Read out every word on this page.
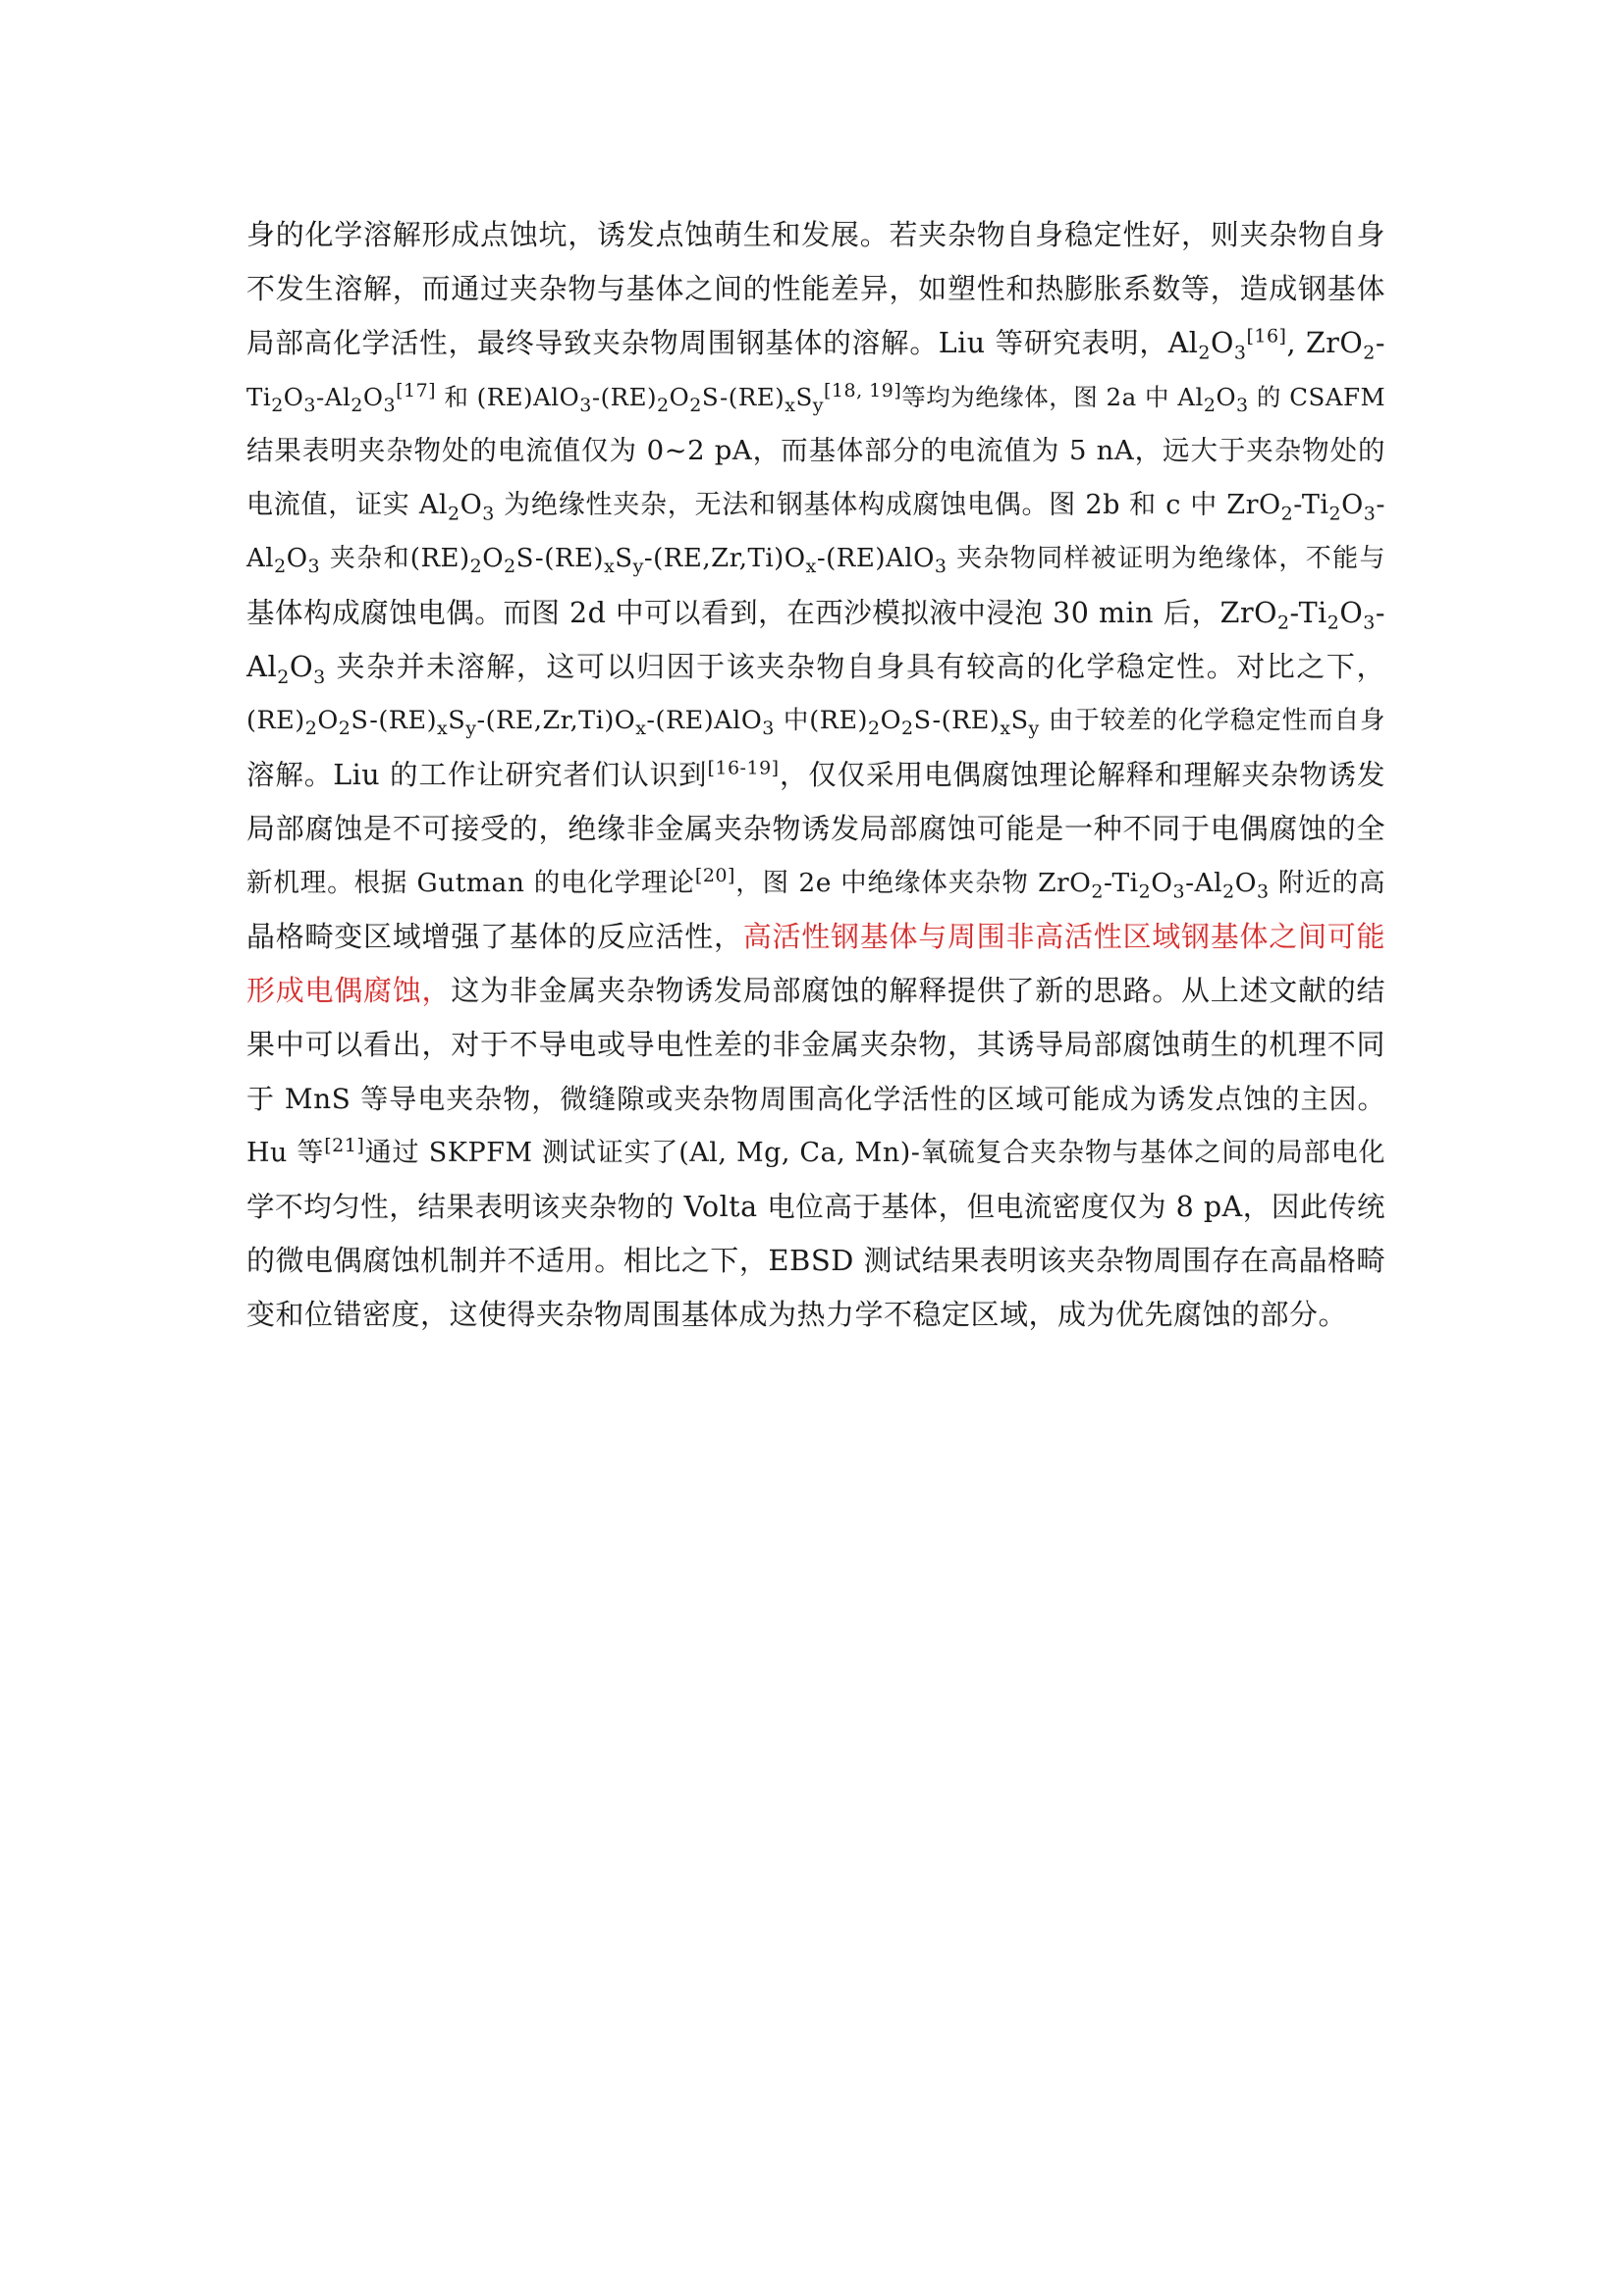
身的化学溶解形成点蚀坑，诱发点蚀萌生和发展。若夹杂物自身稳定性好，则夹杂物自身
不发生溶解，而通过夹杂物与基体之间的性能差异，如塑性和热膨胀系数等，造成钢基体
局部高化学活性，最终导致夹杂物周围钢基体的溶解。Liu 等研究表明，$Al_2O_3[16]$, ZrO$_2$-
$Ti_2O_3-Al_2O_3[17]$ 和 $(RE)AlO_3-(RE)_2O_2S-(RE)_xS_y[18, 19]$等均为绝缘体，图 2a 中 $Al_2O_3$ 的 CSAFM
结果表明夹杂物处的电流值仅为 0~2 pA，而基体部分的电流值为 5 nA，远大于夹杂物处的
电流值，证实 $Al_2O_3$ 为绝缘性夹杂，无法和钢基体构成腐蚀电偶。图 2b 和 c 中 $ZrO_2-Ti_2O_3-$
$Al_2O_3$ 夹杂和$(RE)_2O_2S-(RE)_xS_y-(RE,Zr,Ti)O_x-(RE)AlO_3$ 夹杂物同样被证明为绝缘体，不能与
基体构成腐蚀电偶。而图 2d 中可以看到，在西沙模拟液中浸泡 30 min 后，$ZrO_2-Ti_2O_3-$
$Al_2O_3$ 夹杂并未溶解，这可以归因于该夹杂物自身具有较高的化学稳定性。对比之下，
$(RE)_2O_2S-(RE)_xS_y-(RE,Zr,Ti)O_x-(RE)AlO_3$ 中$(RE)_2O_2S-(RE)_xS_y$ 由于较差的化学稳定性而自身
溶解。Liu 的工作让研究者们认识到[16-19]，仅仅采用电偶腐蚀理论解释和理解夹杂物诱发
局部腐蚀是不可接受的，绝缘非金属夹杂物诱发局部腐蚀可能是一种不同于电偶腐蚀的全
新机理。根据 Gutman 的电化学理论[20]，图 2e 中绝缘体夹杂物 $ZrO_2-Ti_2O_3-Al_2O_3$ 附近的高
晶格畸变区域增强了基体的反应活性，高活性钢基体与周围非高活性区域钢基体之间可能
形成电偶腐蚀，这为非金属夹杂物诱发局部腐蚀的解释提供了新的思路。从上述文献的结
果中可以看出，对于不导电或导电性差的非金属夹杂物，其诱导局部腐蚀萌生的机理不同
于 MnS 等导电夹杂物，微缝隙或夹杂物周围高化学活性的区域可能成为诱发点蚀的主因。
Hu 等[21]通过 SKPFM 测试证实了(Al, Mg, Ca, Mn)-氧硫复合夹杂物与基体之间的局部电化
学不均匀性，结果表明该夹杂物的 Volta 电位高于基体，但电流密度仅为 8 pA，因此传统
的微电偶腐蚀机制并不适用。相比之下，EBSD 测试结果表明该夹杂物周围存在高晶格畸
变和位错密度，这使得夹杂物周围基体成为热力学不稳定区域，成为优先腐蚀的部分。
